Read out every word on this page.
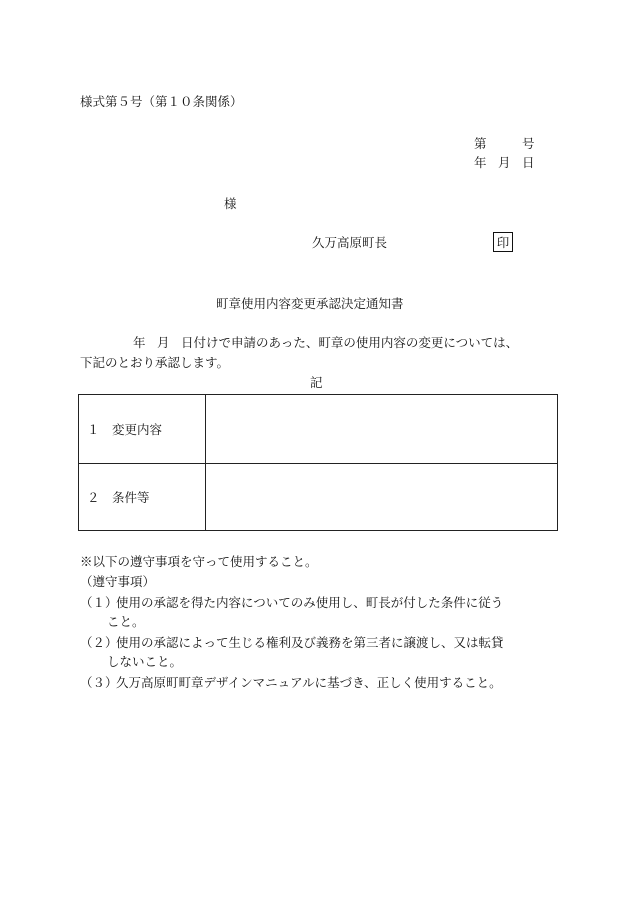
様式第５号（第１０条関係）
第	号
年 月 日
様
久万高原町長	印
町章使用内容変更承認決定通知書
年 月 日付けで申請のあった、町章の使用内容の変更については、
下記のとおり承認します。
記
１　変更内容
２　条件等
※以下の遵守事項を守って使用すること。
（遵守事項）
（１）
使用の承認を得た内容についてのみ使用し、町長が付した条件に従う
こと。
（２）
使用の承認によって生じる権利及び義務を第三者に譲渡し、又は転貸
しないこと。
（３）
久万高原町町章デザインマニュアルに基づき、正しく使用すること。
